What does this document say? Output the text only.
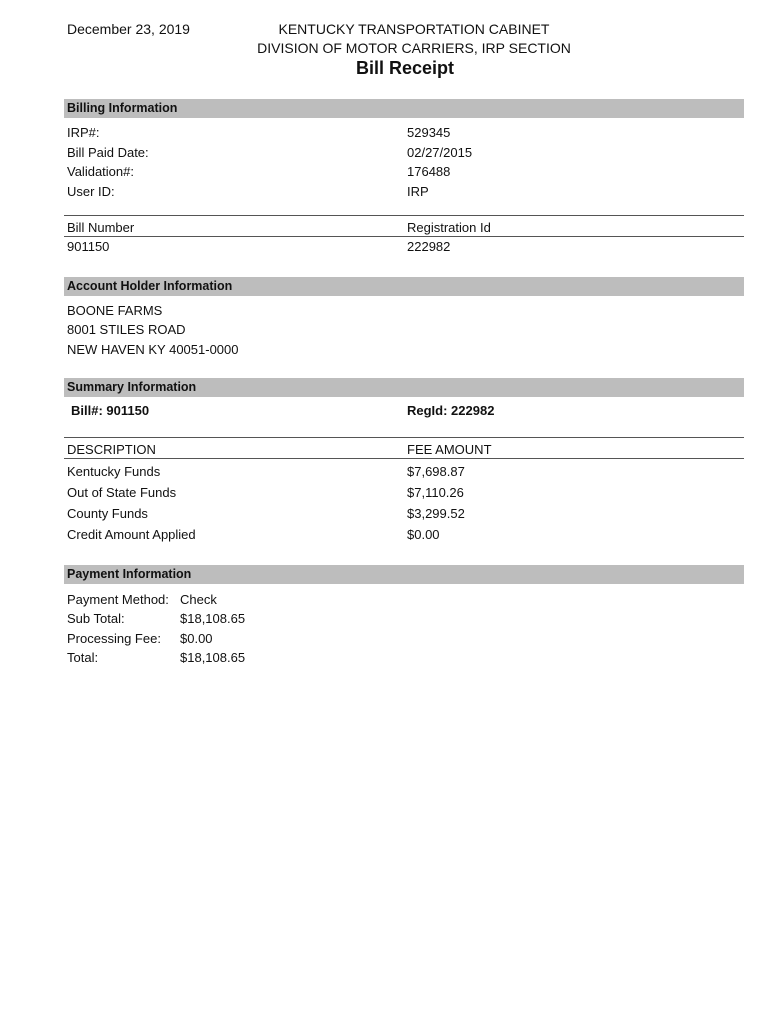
December 23, 2019	KENTUCKY TRANSPORTATION CABINET
DIVISION OF MOTOR CARRIERS, IRP SECTION
Bill Receipt
Billing Information
IRP#:	529345
Bill Paid Date:	02/27/2015
Validation#:	176488
User ID:	IRP
Bill Number	Registration Id
901150	222982
Account Holder Information
BOONE FARMS
8001 STILES ROAD
NEW HAVEN KY 40051-0000
Summary Information
Bill#: 901150	RegId: 222982
DESCRIPTION	FEE AMOUNT
Kentucky Funds	$7,698.87
Out of State Funds	$7,110.26
County Funds	$3,299.52
Credit Amount Applied	$0.00
Payment Information
Payment Method: Check
Sub Total:	$18,108.65
Processing Fee: $0.00
Total:	$18,108.65
